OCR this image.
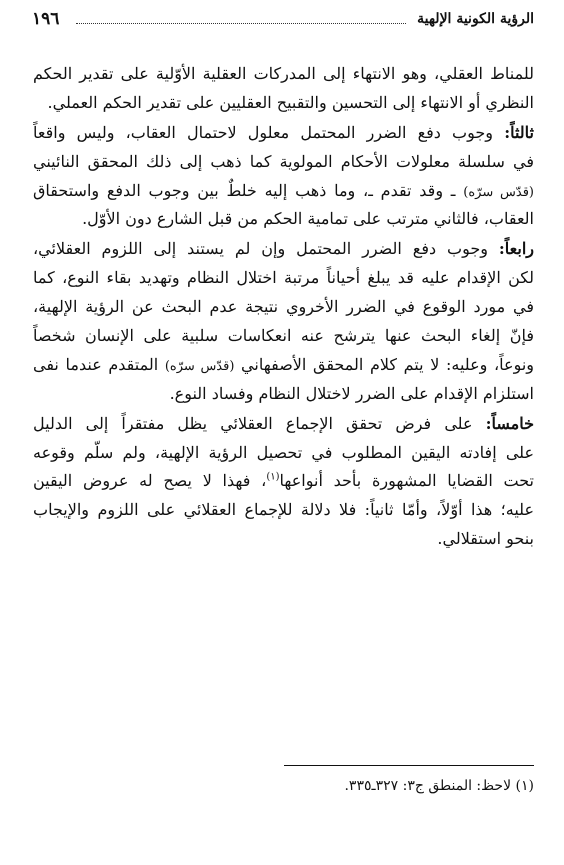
الرؤية الكونية الإلهية
١٩٦
للمناط العقلي، وهو الانتهاء إلى المدركات العقلية الأوّلية على تقدير الحكم
النظري أو الانتهاء إلى التحسين والتقبيح العقليين على تقدير الحكم العملي.
ثالثاً: وجوب دفع الضرر المحتمل معلول لاحتمال العقاب، وليس واقعاً
في سلسلة معلولات الأحكام المولوية كما ذهب إلى ذلك المحقق النائيني
(قدّس سرّه) ـ وقد تقدم ـ، وما ذهب إليه خلطٌ بين وجوب الدفع واستحقاق
العقاب، فالثاني مترتب على تمامية الحكم من قبل الشارع دون الأوّل.
رابعاً: وجوب دفع الضرر المحتمل وإن لم يستند إلى اللزوم العقلائي،
لكن الإقدام عليه قد يبلغ أحياناً مرتبة اختلال النظام وتهديد بقاء النوع، كما
في مورد الوقوع في الضرر الأخروي نتيجة عدم البحث عن الرؤية الإلهية،
فإنّ إلغاء البحث عنها يترشح عنه انعكاسات سلبية على الإنسان شخصاً
ونوعاً، وعليه: لا يتم كلام المحقق الأصفهاني (قدّس سرّه) المتقدم عندما نفى
استلزام الإقدام على الضرر لاختلال النظام وفساد النوع.
خامساً: على فرض تحقق الإجماع العقلائي يظل مفتقراً إلى الدليل
على إفادته اليقين المطلوب في تحصيل الرؤية الإلهية، ولم سلّم وقوعه
تحت القضايا المشهورة بأحد أنواعها$^{(١)}$، فهذا لا يصح له عروض اليقين
عليه؛ هذا أوّلاً، وأمّا ثانياً: فلا دلالة للإجماع العقلائي على اللزوم والإيجاب
بنحو استقلالي.
(١) لاحظ: المنطق ج٣: ٣٢٧ـ٣٣٥.
